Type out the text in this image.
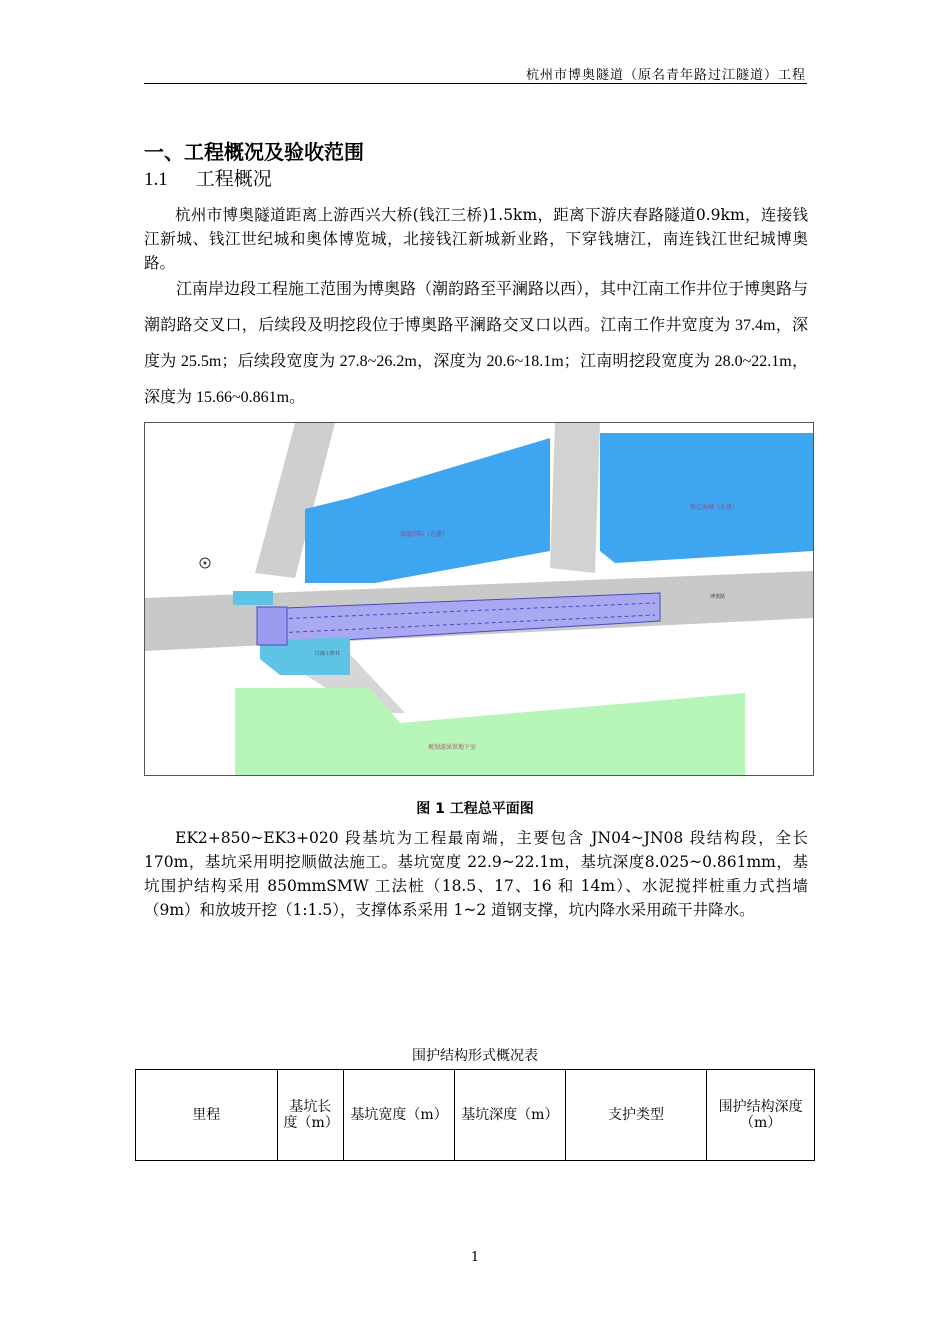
杭州市博奥隧道（原名青年路过江隧道）工程
一、工程概况及验收范围
1.1 工程概况
杭州市博奥隧道距离上游西兴大桥(钱江三桥)1.5km，距离下游庆春路隧道0.9km，连接钱江新城、钱江世纪城和奥体博览城，北接钱江新城新业路，下穿钱塘江，南连钱江世纪城博奥路。
江南岸边段工程施工范围为博奥路（潮韵路至平澜路以西），其中江南工作井位于博奥路与潮韵路交叉口，后续段及明挖段位于博奥路平澜路交叉口以西。江南工作井宽度为 37.4m，深度为 25.5m；后续段宽度为 27.8~26.2m，深度为 20.6~18.1m；江南明挖段宽度为 28.0~22.1m，深度为 15.66~0.861m。
深蓝国际（在建）
保亿海城（在建）
规划游泳馆地下室
博奥路
江南工作井
图 1 工程总平面图
EK2+850~EK3+020 段基坑为工程最南端，主要包含 JN04~JN08 段结构段，全长 170m，基坑采用明挖顺做法施工。基坑宽度 22.9~22.1m，基坑深度8.025~0.861mm，基坑围护结构采用 850mmSMW 工法桩（18.5、17、16 和 14m）、水泥搅拌桩重力式挡墙（9m）和放坡开挖（1:1.5），支撑体系采用 1~2 道钢支撑，坑内降水采用疏干井降水。
围护结构形式概况表
里程	基坑长度（m）	基坑宽度（m）	基坑深度（m）	支护类型	围护结构深度（m）
1
